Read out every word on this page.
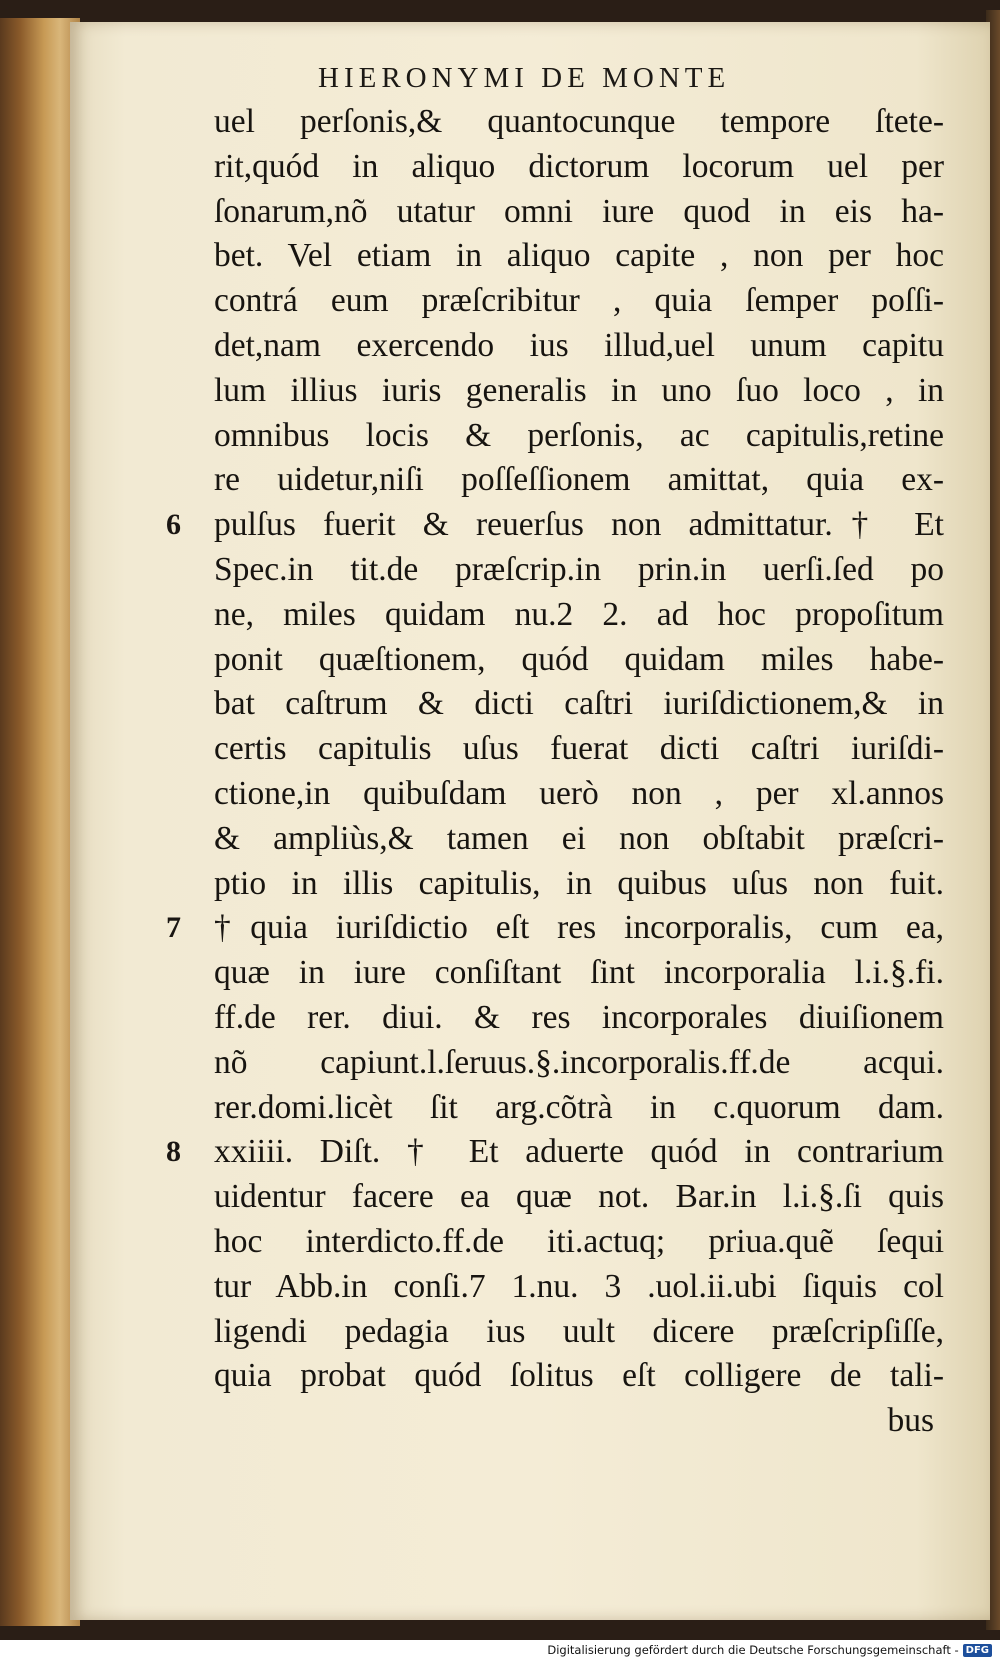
HIERONYMI DE MONTE
6
7
8
uel perſonis,& quantocunque tempore ſtete-
rit,quód in aliquo dictorum locorum uel per
ſonarum,nõ utatur omni iure quod in eis ha-
bet. Vel etiam in aliquo capite , non per hoc
contrá eum præſcribitur , quia ſemper poſſi-
det,nam exercendo ius illud,uel unum capitu
lum illius iuris generalis in uno ſuo loco , in
omnibus locis & perſonis, ac capitulis,retine
re uidetur,niſi poſſeſſionem amittat, quia ex-
pulſus fuerit & reuerſus non admittatur.† Et
Spec.in tit.de præſcrip.in prin.in uerſi.ſed po
ne, miles quidam nu.2 2. ad hoc propoſitum
ponit quæſtionem, quód quidam miles habe-
bat caſtrum & dicti caſtri iuriſdictionem,& in
certis capitulis uſus fuerat dicti caſtri iuriſdi-
ctione,in quibuſdam uerò non , per xl.annos
& ampliùs,& tamen ei non obſtabit præſcri-
ptio in illis capitulis, in quibus uſus non fuit.
†quia iuriſdictio eſt res incorporalis, cum ea,
quæ in iure conſiſtant ſint incorporalia l.i.§.fi.
ff.de rer. diui. & res incorporales diuiſionem
nõ capiunt.l.ſeruus.§.incorporalis.ff.de acqui.
rer.domi.licèt ſit arg.cõtrà in c.quorum dam.
xxiiii. Diſt. † Et aduerte quód in contrarium
uidentur facere ea quæ not. Bar.in l.i.§.ſi quis
hoc interdicto.ff.de iti.actuq; priua.quẽ ſequi
tur Abb.in conſi.7 1.nu. 3 .uol.ii.ubi ſiquis col
ligendi pedagia ius uult dicere præſcripſiſſe,
quia probat quód ſolitus eſt colligere de tali-
bus
Digitalisierung gefördert durch die Deutsche Forschungsgemeinschaft - DFG
